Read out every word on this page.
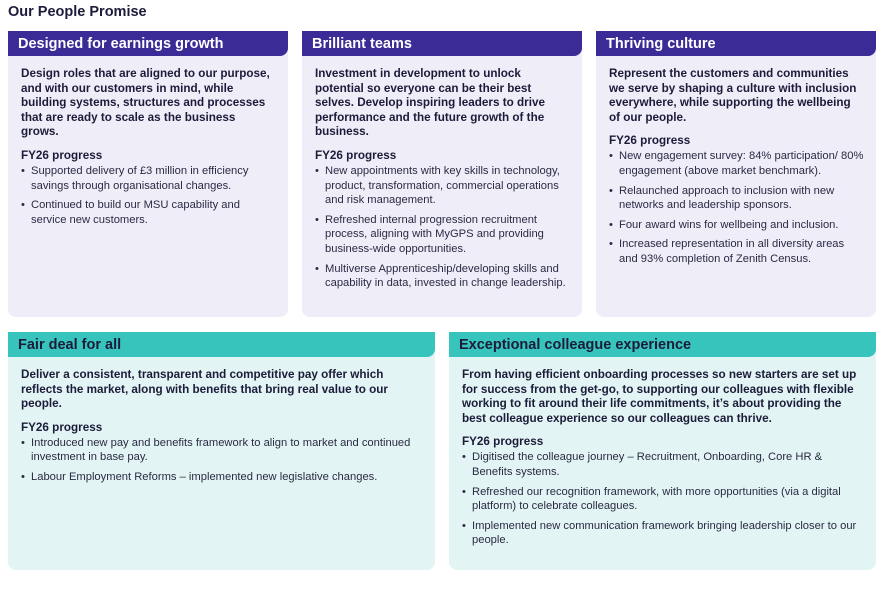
Our People Promise
Designed for earnings growth
Design roles that are aligned to our purpose, and with our customers in mind, while building systems, structures and processes that are ready to scale as the business grows.
FY26 progress
• Supported delivery of £3 million in efficiency savings through organisational changes.
• Continued to build our MSU capability and service new customers.
Brilliant teams
Investment in development to unlock potential so everyone can be their best selves. Develop inspiring leaders to drive performance and the future growth of the business.
FY26 progress
• New appointments with key skills in technology, product, transformation, commercial operations and risk management.
• Refreshed internal progression recruitment process, aligning with MyGPS and providing business-wide opportunities.
• Multiverse Apprenticeship/developing skills and capability in data, invested in change leadership.
Thriving culture
Represent the customers and communities we serve by shaping a culture with inclusion everywhere, while supporting the wellbeing of our people.
FY26 progress
• New engagement survey: 84% participation/ 80% engagement (above market benchmark).
• Relaunched approach to inclusion with new networks and leadership sponsors.
• Four award wins for wellbeing and inclusion.
• Increased representation in all diversity areas and 93% completion of Zenith Census.
Fair deal for all
Deliver a consistent, transparent and competitive pay offer which reflects the market, along with benefits that bring real value to our people.
FY26 progress
• Introduced new pay and benefits framework to align to market and continued investment in base pay.
• Labour Employment Reforms – implemented new legislative changes.
Exceptional colleague experience
From having efficient onboarding processes so new starters are set up for success from the get-go, to supporting our colleagues with flexible working to fit around their life commitments, it’s about providing the best colleague experience so our colleagues can thrive.
FY26 progress
• Digitised the colleague journey – Recruitment, Onboarding, Core HR & Benefits systems.
• Refreshed our recognition framework, with more opportunities (via a digital platform) to celebrate colleagues.
• Implemented new communication framework bringing leadership closer to our people.
